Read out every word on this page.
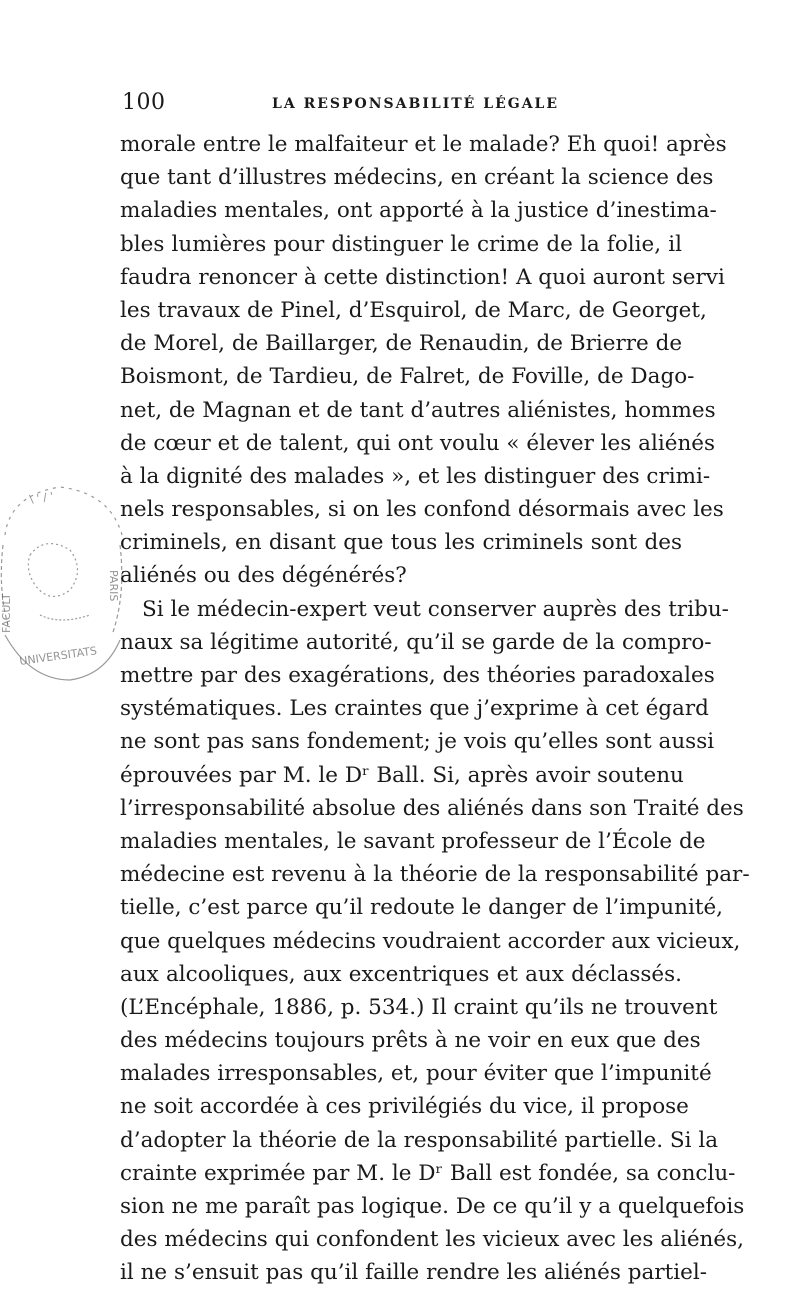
100	LA RESPONSABILITÉ LÉGALE
\ ' / '
PARIS
UNIVERSITATS
FACULT
morale entre le malfaiteur et le malade? Eh quoi! après
que tant d’illustres médecins, en créant la science des
maladies mentales, ont apporté à la justice d’inestima-
bles lumières pour distinguer le crime de la folie, il
faudra renoncer à cette distinction! A quoi auront servi
les travaux de Pinel, d’Esquirol, de Marc, de Georget,
de Morel, de Baillarger, de Renaudin, de Brierre de
Boismont, de Tardieu, de Falret, de Foville, de Dago-
net, de Magnan et de tant d’autres aliénistes, hommes
de cœur et de talent, qui ont voulu « élever les aliénés
à la dignité des malades », et les distinguer des crimi-
nels responsables, si on les confond désormais avec les
criminels, en disant que tous les criminels sont des
aliénés ou des dégénérés?
Si le médecin-expert veut conserver auprès des tribu-
naux sa légitime autorité, qu’il se garde de la compro-
mettre par des exagérations, des théories paradoxales
systématiques. Les craintes que j’exprime à cet égard
ne sont pas sans fondement; je vois qu’elles sont aussi
éprouvées par M. le Dʳ Ball. Si, après avoir soutenu
l’irresponsabilité absolue des aliénés dans son Traité des
maladies mentales, le savant professeur de l’École de
médecine est revenu à la théorie de la responsabilité par-
tielle, c’est parce qu’il redoute le danger de l’impunité,
que quelques médecins voudraient accorder aux vicieux,
aux alcooliques, aux excentriques et aux déclassés.
(L’Encéphale, 1886, p. 534.) Il craint qu’ils ne trouvent
des médecins toujours prêts à ne voir en eux que des
malades irresponsables, et, pour éviter que l’impunité
ne soit accordée à ces privilégiés du vice, il propose
d’adopter la théorie de la responsabilité partielle. Si la
crainte exprimée par M. le Dʳ Ball est fondée, sa conclu-
sion ne me paraît pas logique. De ce qu’il y a quelquefois
des médecins qui confondent les vicieux avec les aliénés,
il ne s’ensuit pas qu’il faille rendre les aliénés partiel-
